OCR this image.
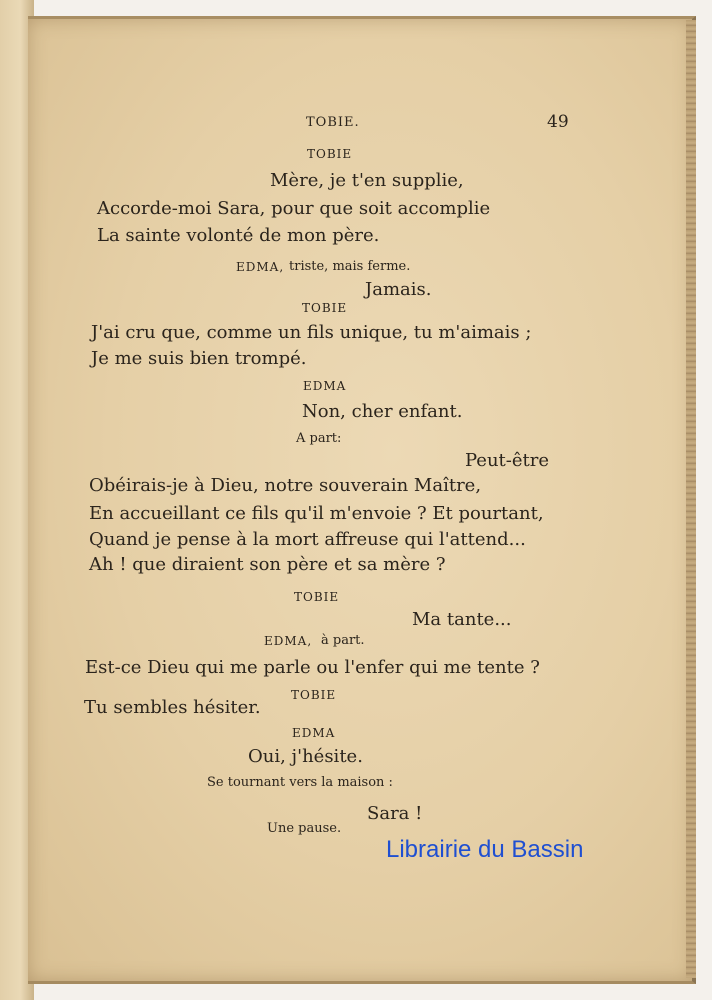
TOBIE.	49
TOBIE
Mère, je t'en supplie,
Accorde-moi Sara, pour que soit accomplie
La sainte volonté de mon père.
EDMA, triste, mais ferme.
Jamais.
TOBIE
J'ai cru que, comme un fils unique, tu m'aimais ;
Je me suis bien trompé.
EDMA
Non, cher enfant.
A part:
Peut-être
Obéirais-je à Dieu, notre souverain Maître,
En accueillant ce fils qu'il m'envoie ? Et pourtant,
Quand je pense à la mort affreuse qui l'attend...
Ah ! que diraient son père et sa mère ?
TOBIE
Ma tante...
EDMA, à part.
Est-ce Dieu qui me parle ou l'enfer qui me tente ?
TOBIE
Tu sembles hésiter.
EDMA
Oui, j'hésite.
Se tournant vers la maison :
Sara !
Une pause.
Librairie du Bassin
